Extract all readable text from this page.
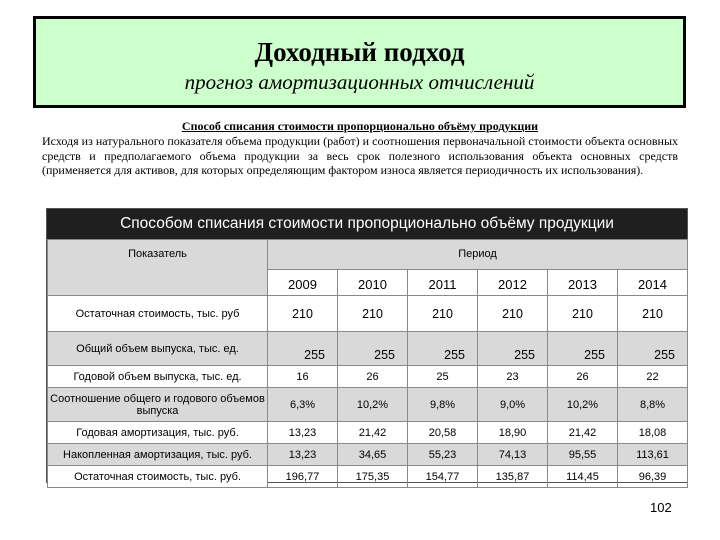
Доходный подход
прогноз амортизационных отчислений
Способ списания стоимости пропорционально объёму продукции
Исходя из натурального показателя объема продукции (работ) и соотношения первоначальной стоимости объекта основных средств и предполагаемого объема продукции за весь срок полезного использования объекта основных средств (применяется для активов, для которых определяющим фактором износа является периодичность их использования).
Способом списания стоимости пропорционально объёму продукции
Показатель	Период					
	2009	2010	2011	2012	2013	2014
Остаточная стоимость, тыс. руб	210	210	210	210	210	210
Общий объем выпуска, тыс. ед.	255	255	255	255	255	255
Годовой объем выпуска, тыс. ед.	16	26	25	23	26	22
Соотношение общего и годового объемов выпуска	6,3%	10,2%	9,8%	9,0%	10,2%	8,8%
Годовая амортизация, тыс. руб.	13,23	21,42	20,58	18,90	21,42	18,08
Накопленная амортизация, тыс. руб.	13,23	34,65	55,23	74,13	95,55	113,61
Остаточная стоимость, тыс. руб.	196,77	175,35	154,77	135,87	114,45	96,39
102
